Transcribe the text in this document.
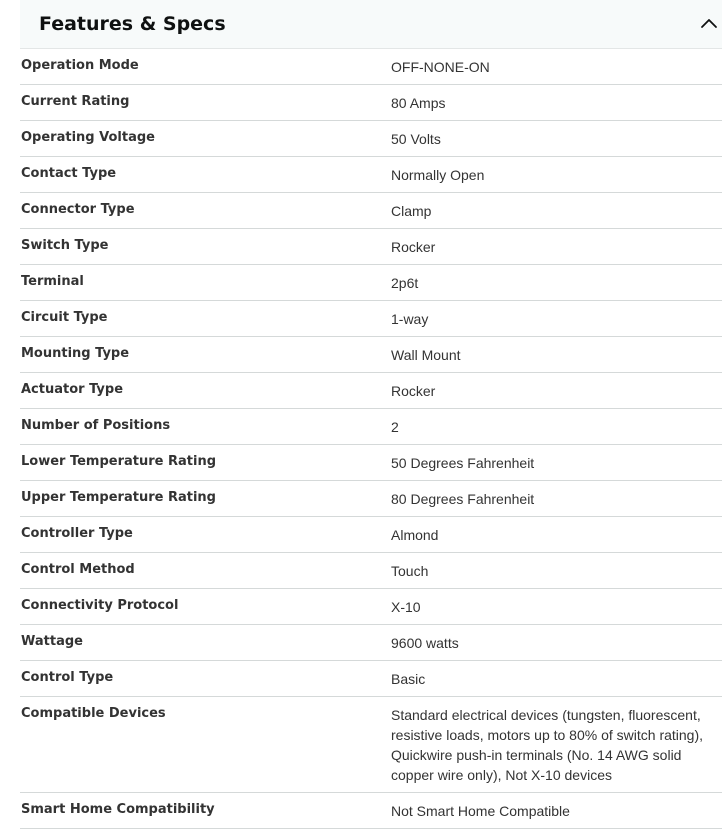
Features & Specs
Operation Mode	OFF-NONE-ON
Current Rating	80 Amps
Operating Voltage	50 Volts
Contact Type	Normally Open
Connector Type	Clamp
Switch Type	Rocker
Terminal	2p6t
Circuit Type	1-way
Mounting Type	Wall Mount
Actuator Type	Rocker
Number of Positions	2
Lower Temperature Rating	50 Degrees Fahrenheit
Upper Temperature Rating	80 Degrees Fahrenheit
Controller Type	Almond
Control Method	Touch
Connectivity Protocol	X-10
Wattage	9600 watts
Control Type	Basic
Compatible Devices	Standard electrical devices (tungsten, fluorescent, resistive loads, motors up to 80% of switch rating), Quickwire push-in terminals (No. 14 AWG solid copper wire only), Not X-10 devices
Smart Home Compatibility	Not Smart Home Compatible
